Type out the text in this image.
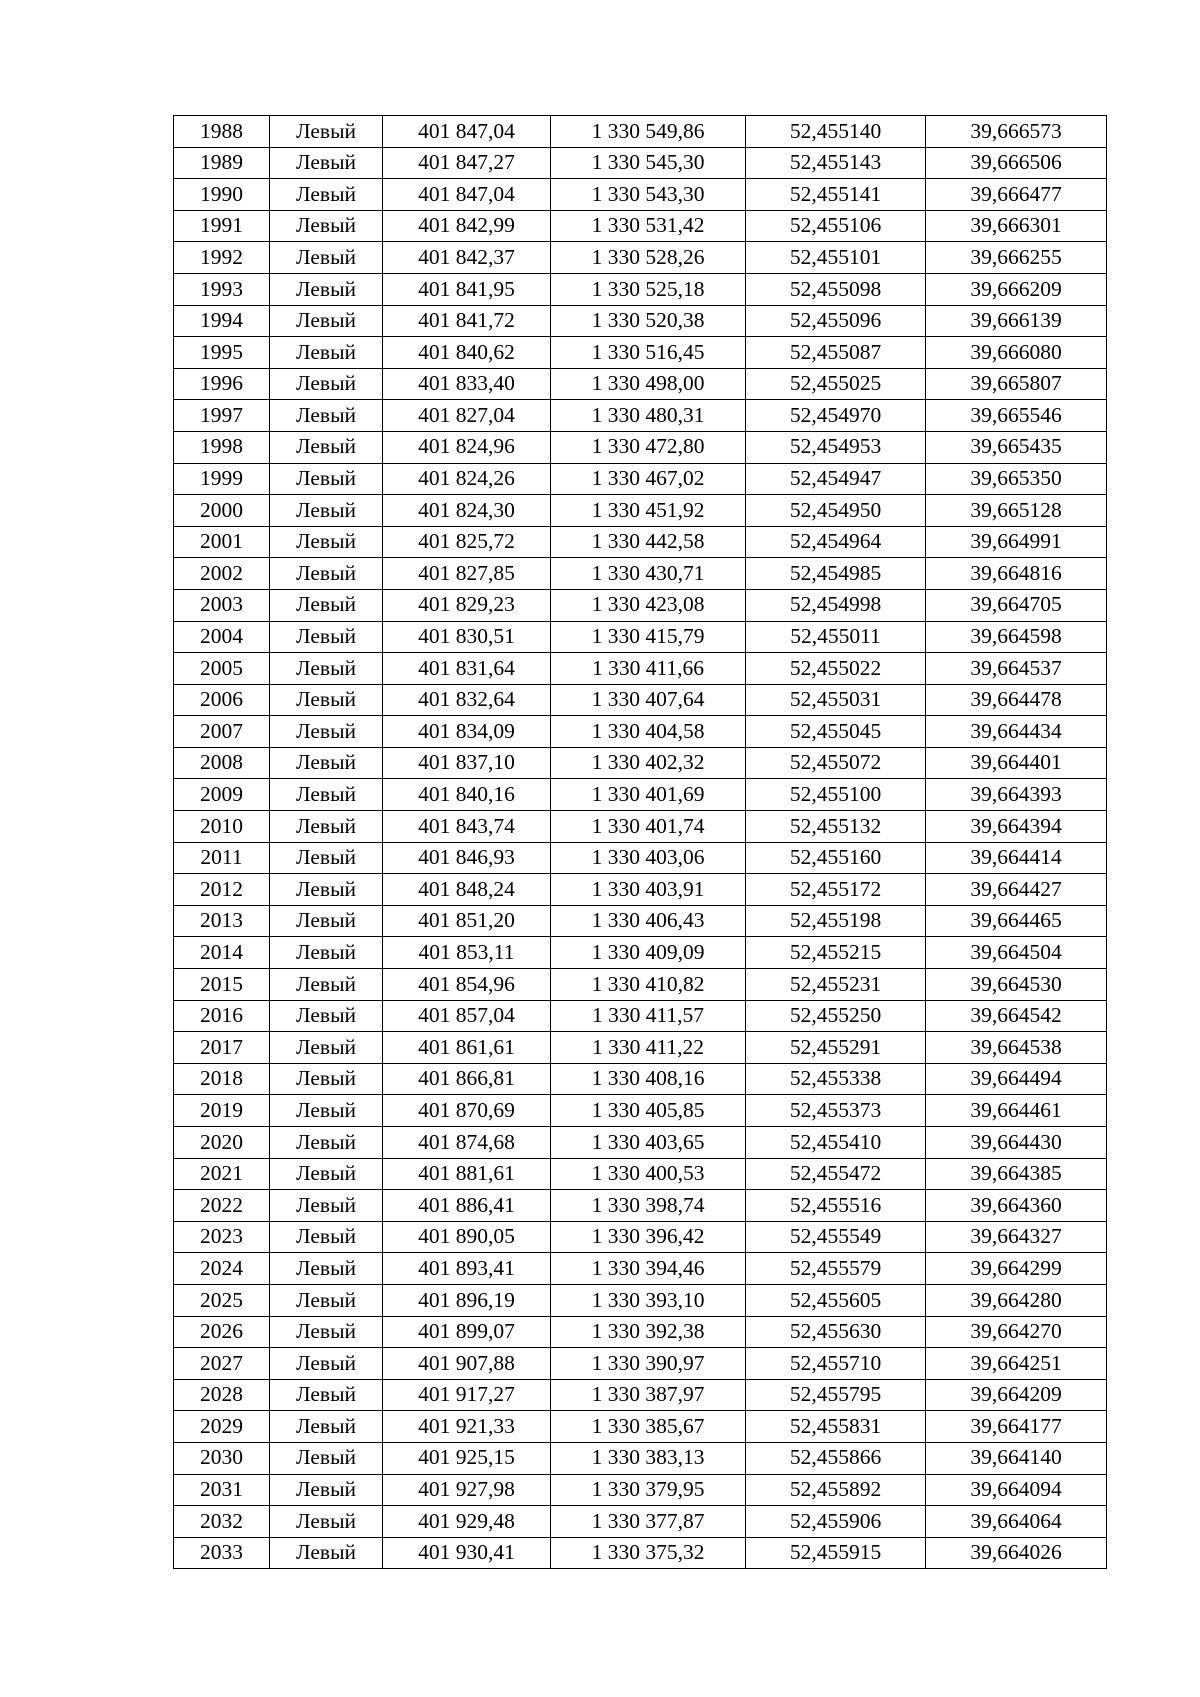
1988	Левый	401 847,04	1 330 549,86	52,455140	39,666573
1989	Левый	401 847,27	1 330 545,30	52,455143	39,666506
1990	Левый	401 847,04	1 330 543,30	52,455141	39,666477
1991	Левый	401 842,99	1 330 531,42	52,455106	39,666301
1992	Левый	401 842,37	1 330 528,26	52,455101	39,666255
1993	Левый	401 841,95	1 330 525,18	52,455098	39,666209
1994	Левый	401 841,72	1 330 520,38	52,455096	39,666139
1995	Левый	401 840,62	1 330 516,45	52,455087	39,666080
1996	Левый	401 833,40	1 330 498,00	52,455025	39,665807
1997	Левый	401 827,04	1 330 480,31	52,454970	39,665546
1998	Левый	401 824,96	1 330 472,80	52,454953	39,665435
1999	Левый	401 824,26	1 330 467,02	52,454947	39,665350
2000	Левый	401 824,30	1 330 451,92	52,454950	39,665128
2001	Левый	401 825,72	1 330 442,58	52,454964	39,664991
2002	Левый	401 827,85	1 330 430,71	52,454985	39,664816
2003	Левый	401 829,23	1 330 423,08	52,454998	39,664705
2004	Левый	401 830,51	1 330 415,79	52,455011	39,664598
2005	Левый	401 831,64	1 330 411,66	52,455022	39,664537
2006	Левый	401 832,64	1 330 407,64	52,455031	39,664478
2007	Левый	401 834,09	1 330 404,58	52,455045	39,664434
2008	Левый	401 837,10	1 330 402,32	52,455072	39,664401
2009	Левый	401 840,16	1 330 401,69	52,455100	39,664393
2010	Левый	401 843,74	1 330 401,74	52,455132	39,664394
2011	Левый	401 846,93	1 330 403,06	52,455160	39,664414
2012	Левый	401 848,24	1 330 403,91	52,455172	39,664427
2013	Левый	401 851,20	1 330 406,43	52,455198	39,664465
2014	Левый	401 853,11	1 330 409,09	52,455215	39,664504
2015	Левый	401 854,96	1 330 410,82	52,455231	39,664530
2016	Левый	401 857,04	1 330 411,57	52,455250	39,664542
2017	Левый	401 861,61	1 330 411,22	52,455291	39,664538
2018	Левый	401 866,81	1 330 408,16	52,455338	39,664494
2019	Левый	401 870,69	1 330 405,85	52,455373	39,664461
2020	Левый	401 874,68	1 330 403,65	52,455410	39,664430
2021	Левый	401 881,61	1 330 400,53	52,455472	39,664385
2022	Левый	401 886,41	1 330 398,74	52,455516	39,664360
2023	Левый	401 890,05	1 330 396,42	52,455549	39,664327
2024	Левый	401 893,41	1 330 394,46	52,455579	39,664299
2025	Левый	401 896,19	1 330 393,10	52,455605	39,664280
2026	Левый	401 899,07	1 330 392,38	52,455630	39,664270
2027	Левый	401 907,88	1 330 390,97	52,455710	39,664251
2028	Левый	401 917,27	1 330 387,97	52,455795	39,664209
2029	Левый	401 921,33	1 330 385,67	52,455831	39,664177
2030	Левый	401 925,15	1 330 383,13	52,455866	39,664140
2031	Левый	401 927,98	1 330 379,95	52,455892	39,664094
2032	Левый	401 929,48	1 330 377,87	52,455906	39,664064
2033	Левый	401 930,41	1 330 375,32	52,455915	39,664026
